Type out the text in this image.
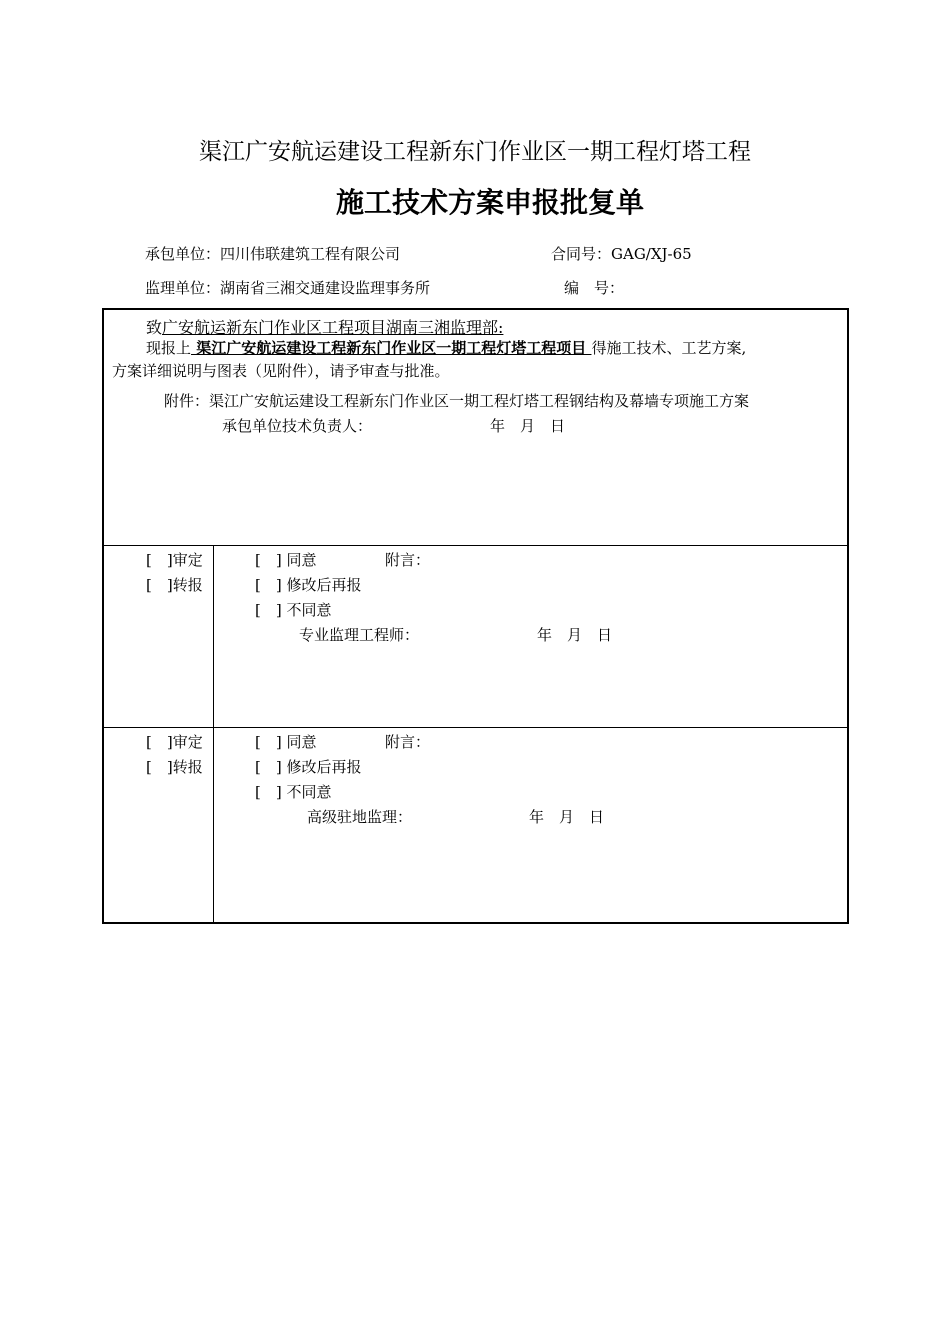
渠江广安航运建设工程新东门作业区一期工程灯塔工程
施工技术方案申报批复单
承包单位：四川伟联建筑工程有限公司	合同号：GAG/XJ-65
监理单位：湖南省三湘交通建设监理事务所	编　号：
致广安航运新东门作业区工程项目湖南三湘监理部:
现报上 渠江广安航运建设工程新东门作业区一期工程灯塔工程项目 得施工技术、工艺方案,
方案详细说明与图表（见附件），请予审查与批准。
附件：渠江广安航运建设工程新东门作业区一期工程灯塔工程钢结构及幕墙专项施工方案
承包单位技术负责人：	年　月　日
[　]审定
[　]转报
[　] 同意	附言：
[　] 修改后再报
[　] 不同意
专业监理工程师：	年　月　日
[　]审定
[　]转报
[　] 同意	附言：
[　] 修改后再报
[　] 不同意
高级驻地监理：	年　月　日
